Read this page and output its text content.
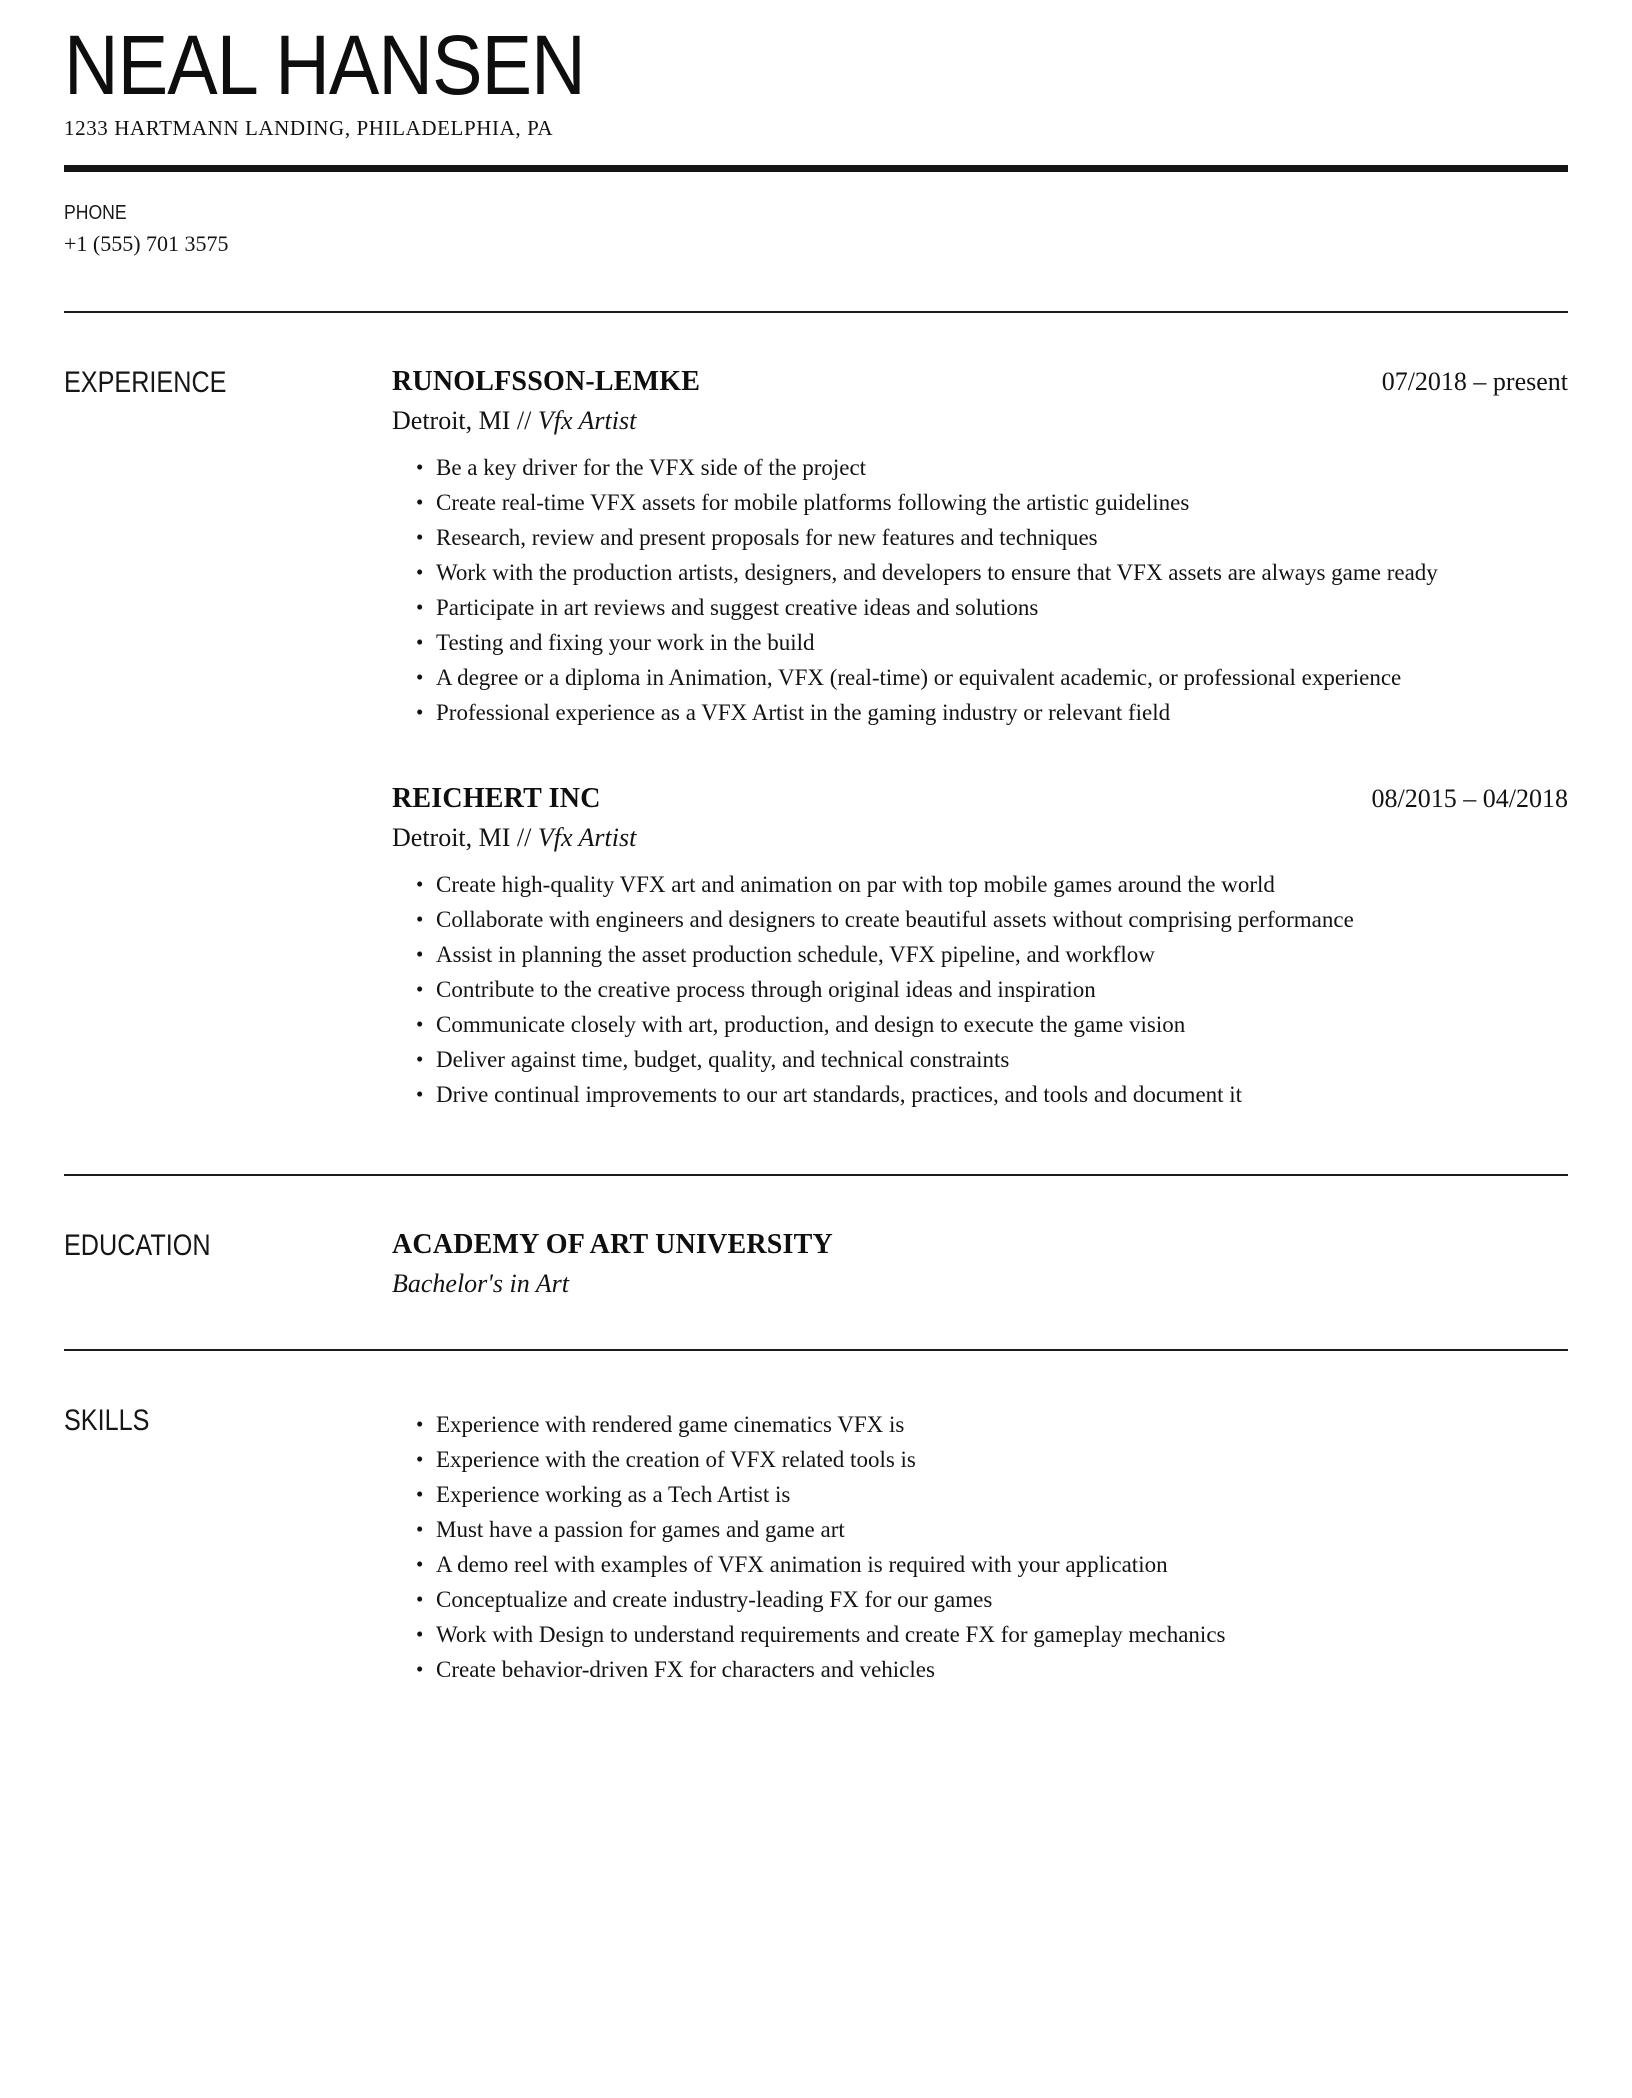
NEAL HANSEN
1233 HARTMANN LANDING, PHILADELPHIA, PA
PHONE
+1 (555) 701 3575
EXPERIENCE	RUNOLFSSON-LEMKE	07/2018 – present
Detroit, MI // Vfx Artist
• Be a key driver for the VFX side of the project
• Create real-time VFX assets for mobile platforms following the artistic guidelines
• Research, review and present proposals for new features and techniques
• Work with the production artists, designers, and developers to ensure that VFX assets are always game ready
• Participate in art reviews and suggest creative ideas and solutions
• Testing and fixing your work in the build
• A degree or a diploma in Animation, VFX (real-time) or equivalent academic, or professional experience
• Professional experience as a VFX Artist in the gaming industry or relevant field
REICHERT INC	08/2015 – 04/2018
Detroit, MI // Vfx Artist
• Create high-quality VFX art and animation on par with top mobile games around the world
• Collaborate with engineers and designers to create beautiful assets without comprising performance
• Assist in planning the asset production schedule, VFX pipeline, and workflow
• Contribute to the creative process through original ideas and inspiration
• Communicate closely with art, production, and design to execute the game vision
• Deliver against time, budget, quality, and technical constraints
• Drive continual improvements to our art standards, practices, and tools and document it
EDUCATION	ACADEMY OF ART UNIVERSITY
Bachelor's in Art
SKILLS	• Experience with rendered game cinematics VFX is
• Experience with the creation of VFX related tools is
• Experience working as a Tech Artist is
• Must have a passion for games and game art
• A demo reel with examples of VFX animation is required with your application
• Conceptualize and create industry-leading FX for our games
• Work with Design to understand requirements and create FX for gameplay mechanics
• Create behavior-driven FX for characters and vehicles
